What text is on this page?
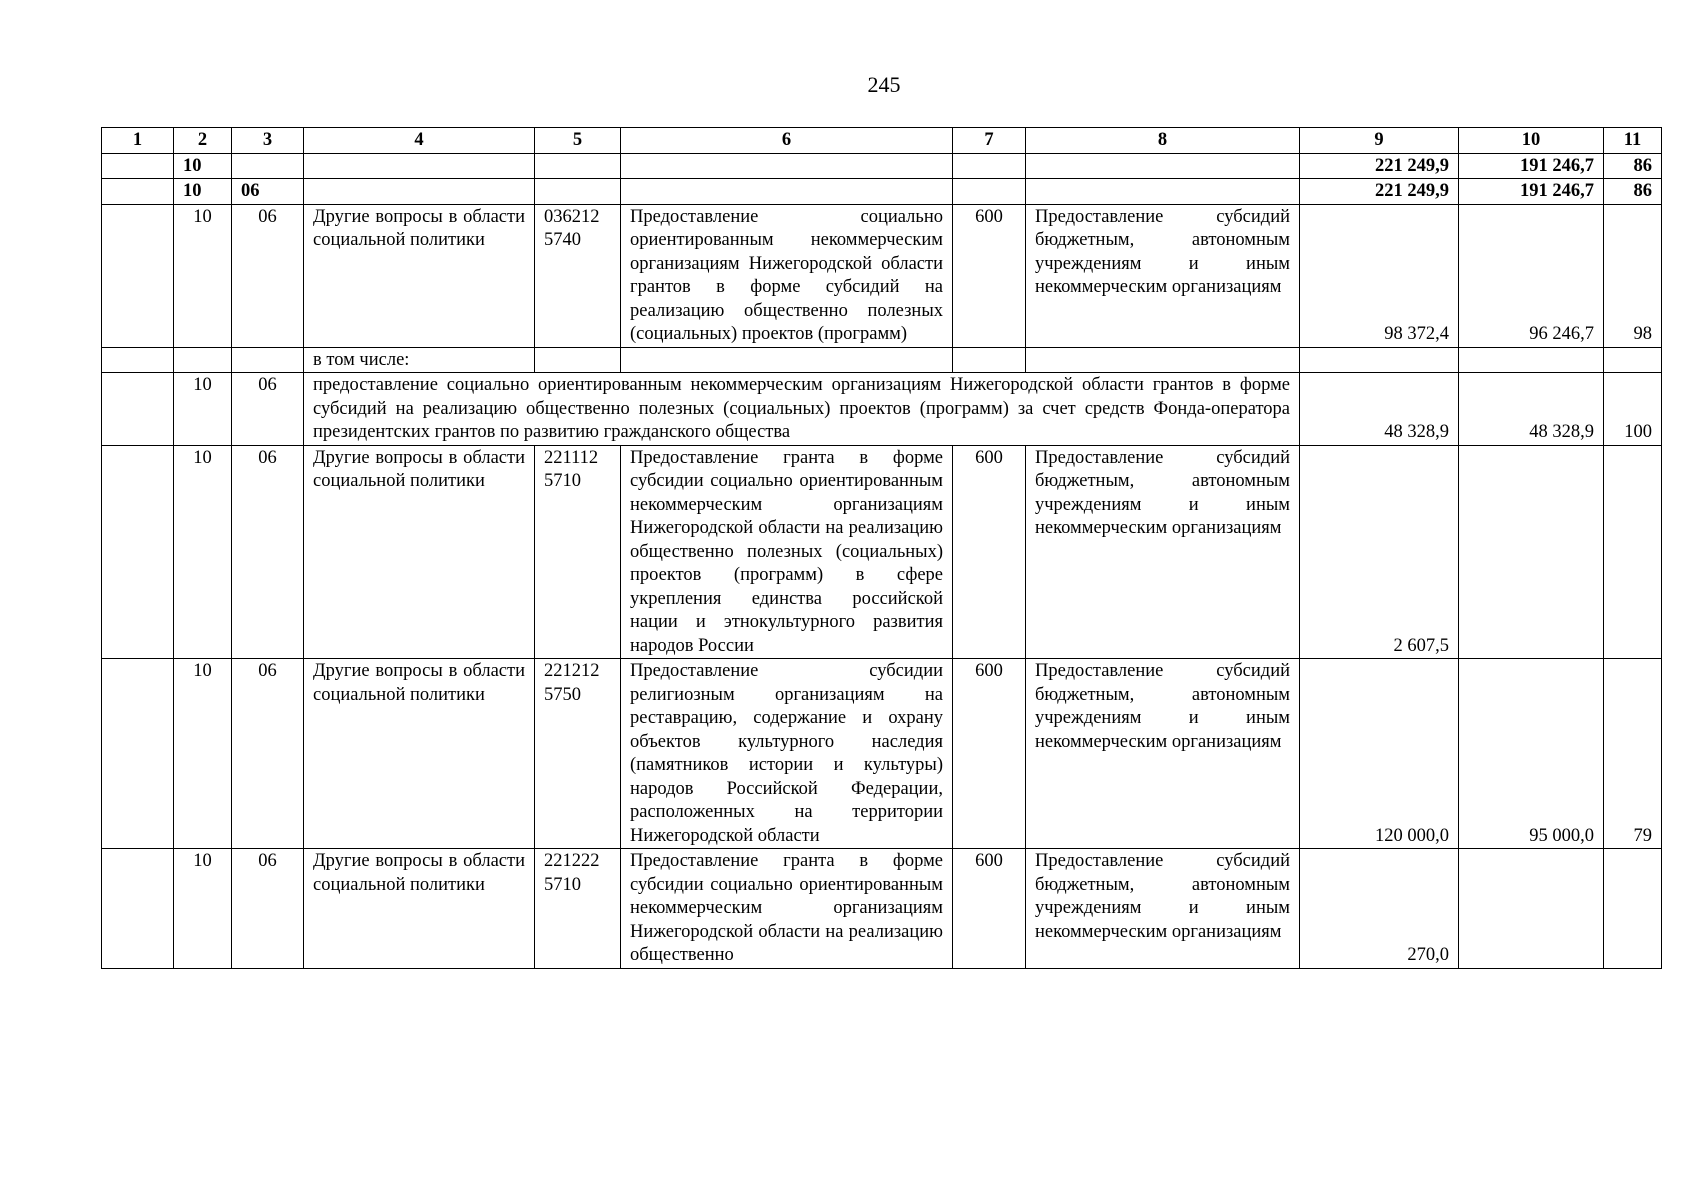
245
1	2	3	4	5	6	7	8	9	10	11
	10							221 249,9	191 246,7	86
	10	06						221 249,9	191 246,7	86
	10	06	Другие вопросы в области социальной политики	036212 5740	Предоставление социально ориентированным некоммерческим организациям Нижегородской области грантов в форме субсидий на реализацию общественно полезных (социальных) проектов (программ)	600	Предоставление субсидий бюджетным, автономным учреждениям и иным некоммерческим организациям	98 372,4	96 246,7	98
			в том числе:							
	10	06	предоставление социально ориентированным некоммерческим организациям Нижегородской области грантов в форме субсидий на реализацию общественно полезных (социальных) проектов (программ) за счет средств Фонда-оператора президентских грантов по развитию гражданского общества					48 328,9	48 328,9	100
	10	06	Другие вопросы в области социальной политики	221112 5710	Предоставление гранта в форме субсидии социально ориентированным некоммерческим организациям Нижегородской области на реализацию общественно полезных (социальных) проектов (программ) в сфере укрепления единства российской нации и этнокультурного развития народов России	600	Предоставление субсидий бюджетным, автономным учреждениям и иным некоммерческим организациям	2 607,5		
	10	06	Другие вопросы в области социальной политики	221212 5750	Предоставление субсидии религиозным организациям на реставрацию, содержание и охрану объектов культурного наследия (памятников истории и культуры) народов Российской Федерации, расположенных на территории Нижегородской области	600	Предоставление субсидий бюджетным, автономным учреждениям и иным некоммерческим организациям	120 000,0	95 000,0	79
	10	06	Другие вопросы в области социальной политики	221222 5710	Предоставление гранта в форме субсидии социально ориентированным некоммерческим организациям Нижегородской области на реализацию общественно	600	Предоставление субсидий бюджетным, автономным учреждениям и иным некоммерческим организациям	270,0		
